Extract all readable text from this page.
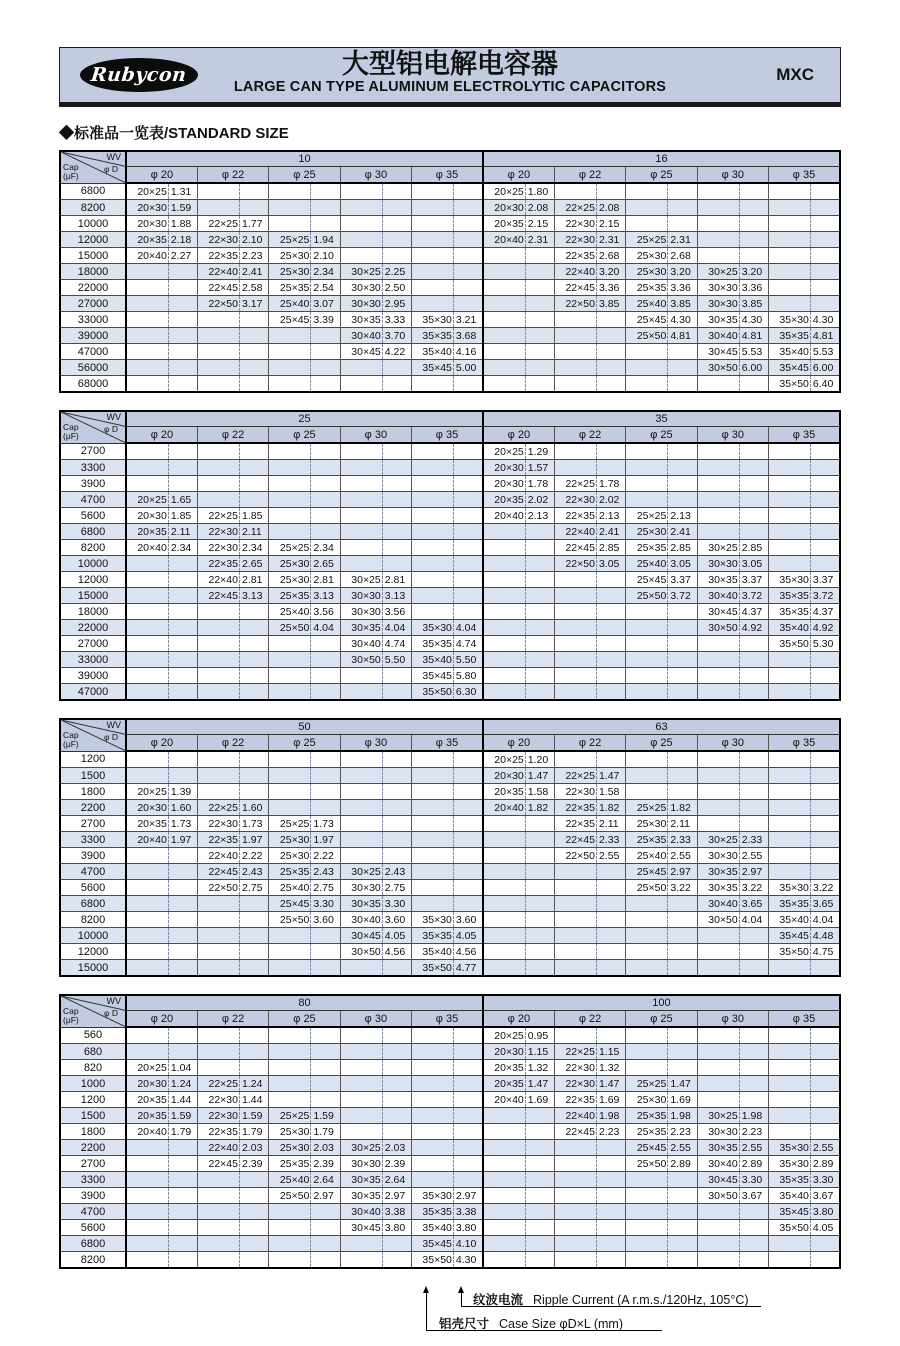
Rubycon	大型铝电解电容器
LARGE CAN TYPE ALUMINUM ELECTROLYTIC CAPACITORS
MXC
◆标准品一览表/STANDARD SIZE
WV
φ D
Cap
(μF)	10					16				
	φ 20	φ 22	φ 25	φ 30	φ 35	φ 20	φ 22	φ 25	φ 30	φ 35
6800	20×25 1.31					20×25 1.80				

8200	20×30 1.59					20×30 2.08	22×25 2.08			

10000	20×30 1.88	22×25 1.77				20×35 2.15	22×30 2.15			

12000	20×35 2.18	22×30 2.10	25×25 1.94			20×40 2.31	22×30 2.31	25×25 2.31		

15000	20×40 2.27	22×35 2.23	25×30 2.10				22×35 2.68	25×30 2.68		

18000		22×40 2.41	25×30 2.34	30×25 2.25			22×40 3.20	25×30 3.20	30×25 3.20	

22000		22×45 2.58	25×35 2.54	30×30 2.50			22×45 3.36	25×35 3.36	30×30 3.36	

27000		22×50 3.17	25×40 3.07	30×30 2.95			22×50 3.85	25×40 3.85	30×30 3.85	

33000			25×45 3.39	30×35 3.33	35×30 3.21			25×45 4.30	30×35 4.30	35×30 4.30

39000				30×40 3.70	35×35 3.68			25×50 4.81	30×40 4.81	35×35 4.81

47000				30×45 4.22	35×40 4.16				30×45 5.53	35×40 5.53

56000					35×45 5.00				30×50 6.00	35×45 6.00

68000										35×50 6.40
WV
φ D
Cap
(μF)	25					35				
	φ 20	φ 22	φ 25	φ 30	φ 35	φ 20	φ 22	φ 25	φ 30	φ 35
2700						20×25 1.29				

3300						20×30 1.57				

3900						20×30 1.78	22×25 1.78			

4700	20×25 1.65					20×35 2.02	22×30 2.02			

5600	20×30 1.85	22×25 1.85				20×40 2.13	22×35 2.13	25×25 2.13		

6800	20×35 2.11	22×30 2.11					22×40 2.41	25×30 2.41		

8200	20×40 2.34	22×30 2.34	25×25 2.34				22×45 2.85	25×35 2.85	30×25 2.85	

10000		22×35 2.65	25×30 2.65				22×50 3.05	25×40 3.05	30×30 3.05	

12000		22×40 2.81	25×30 2.81	30×25 2.81				25×45 3.37	30×35 3.37	35×30 3.37

15000		22×45 3.13	25×35 3.13	30×30 3.13				25×50 3.72	30×40 3.72	35×35 3.72

18000			25×40 3.56	30×30 3.56					30×45 4.37	35×35 4.37

22000			25×50 4.04	30×35 4.04	35×30 4.04				30×50 4.92	35×40 4.92

27000				30×40 4.74	35×35 4.74					35×50 5.30

33000				30×50 5.50	35×40 5.50					

39000					35×45 5.80					

47000					35×50 6.30					

WV
φ D
Cap
(μF)	50					63				
	φ 20	φ 22	φ 25	φ 30	φ 35	φ 20	φ 22	φ 25	φ 30	φ 35
1200						20×25 1.20				

1500						20×30 1.47	22×25 1.47			

1800	20×25 1.39					20×35 1.58	22×30 1.58			

2200	20×30 1.60	22×25 1.60				20×40 1.82	22×35 1.82	25×25 1.82		

2700	20×35 1.73	22×30 1.73	25×25 1.73				22×35 2.11	25×30 2.11		

3300	20×40 1.97	22×35 1.97	25×30 1.97				22×45 2.33	25×35 2.33	30×25 2.33	

3900		22×40 2.22	25×30 2.22				22×50 2.55	25×40 2.55	30×30 2.55	

4700		22×45 2.43	25×35 2.43	30×25 2.43				25×45 2.97	30×35 2.97	

5600		22×50 2.75	25×40 2.75	30×30 2.75				25×50 3.22	30×35 3.22	35×30 3.22

6800			25×45 3.30	30×35 3.30					30×40 3.65	35×35 3.65

8200			25×50 3.60	30×40 3.60	35×30 3.60				30×50 4.04	35×40 4.04

10000				30×45 4.05	35×35 4.05					35×45 4.48

12000				30×50 4.56	35×40 4.56					35×50 4.75

15000					35×50 4.77					

WV
φ D
Cap
(μF)	80					100				
	φ 20	φ 22	φ 25	φ 30	φ 35	φ 20	φ 22	φ 25	φ 30	φ 35
560						20×25 0.95				

680						20×30 1.15	22×25 1.15			

820	20×25 1.04					20×35 1.32	22×30 1.32			

1000	20×30 1.24	22×25 1.24				20×35 1.47	22×30 1.47	25×25 1.47		

1200	20×35 1.44	22×30 1.44				20×40 1.69	22×35 1.69	25×30 1.69		

1500	20×35 1.59	22×30 1.59	25×25 1.59				22×40 1.98	25×35 1.98	30×25 1.98	

1800	20×40 1.79	22×35 1.79	25×30 1.79				22×45 2.23	25×35 2.23	30×30 2.23	

2200		22×40 2.03	25×30 2.03	30×25 2.03				25×45 2.55	30×35 2.55	35×30 2.55

2700		22×45 2.39	25×35 2.39	30×30 2.39				25×50 2.89	30×40 2.89	35×30 2.89

3300			25×40 2.64	30×35 2.64					30×45 3.30	35×35 3.30

3900			25×50 2.97	30×35 2.97	35×30 2.97				30×50 3.67	35×40 3.67

4700				30×40 3.38	35×35 3.38					35×45 3.80

5600				30×45 3.80	35×40 3.80					35×50 4.05

6800					35×45 4.10					

8200					35×50 4.30					

纹波电流 Ripple Current (A r.m.s./120Hz, 105°C)
铝壳尺寸 Case Size φD×L (mm)
